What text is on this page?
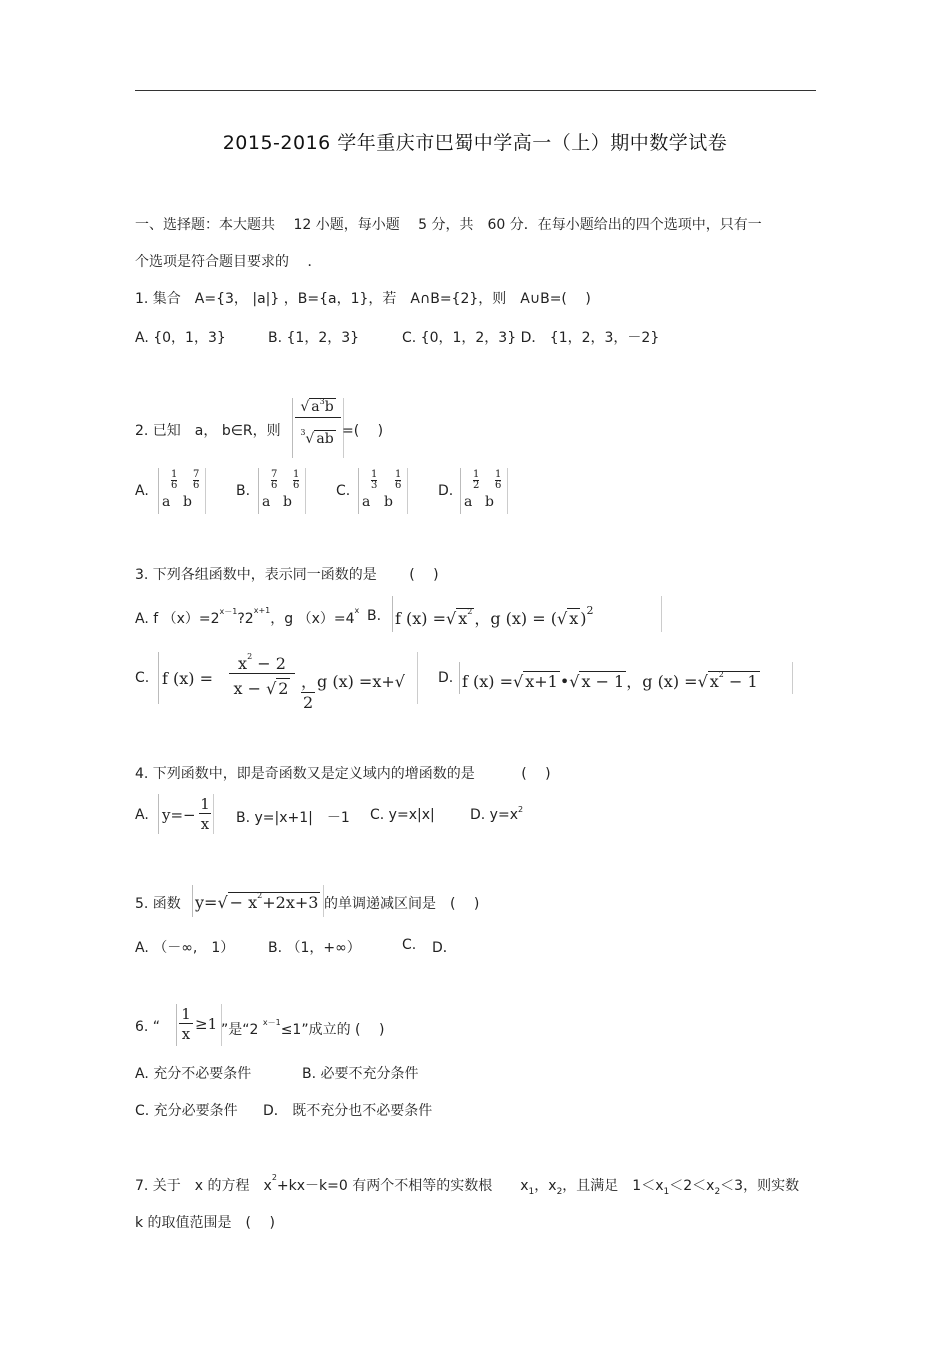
2015-2016 学年重庆市巴蜀中学高一（上）期中数学试卷
一、选择题：本大题共　 12 小题，每小题　 5 分，共　60 分．在每小题给出的四个选项中，只有一
个选项是符合题目要求的　 ．
1. 集合　A={3， |a|} ，B={a，1}，若　A∩B={2}，则　A∪B=(　 )
A. {0，1，3}	B. {1，2，3}	C. {0，1，2，3} D． {1，2，3，－2}
2. 已知　a， b∈R，则
√ $a^3b$
$^3$√ ab =(　 )
A.
a
1
6
b
7
6	B.
a
7
6
b
1
6	C.
a
1
3
b
1
6	D.
a
1
2
b
1
6
3. 下列各组函数中，表示同一函数的是　　 (　 )
A. f $(x)=2^{x-1}?2^{x+1}$，g $(x)=4^x$ B. f (x) =√ $x^2$ ，g (x) = (√ x )$^2$
C. f (x) =
$x^2 - 2$
x − √ 2 ，g (x) =x+√2
D. f (x) =√ x+1 •√ x − 1 ，g (x) =√ $x^2 - 1$
4. 下列函数中，即是奇函数又是定义域内的增函数的是　　　 (　 )
A. y=−
1
x B. y=|x+1|　－1 C. y=x|x|	D. $y=x^2$
5. 函数 $y=√ - x^2+2x+3$ 的单调递减区间是　(　 )
A. （－∞,　1） B. （1，+∞）	C. D．
6. “
1
x
≥1 ”是“2 $^{x-1}$≤1”成立的 (　 )
A. 充分不必要条件	B. 必要不充分条件
C. 充分必要条件 D． 既不充分也不必要条件
7. 关于　x 的方程　$x^2+kx-k=0$ 有两个不相等的实数根　　$x_1$，$x_2$，且满足　$1<x_1<2<x_2<3$，则实数
k 的取值范围是　(　 )
